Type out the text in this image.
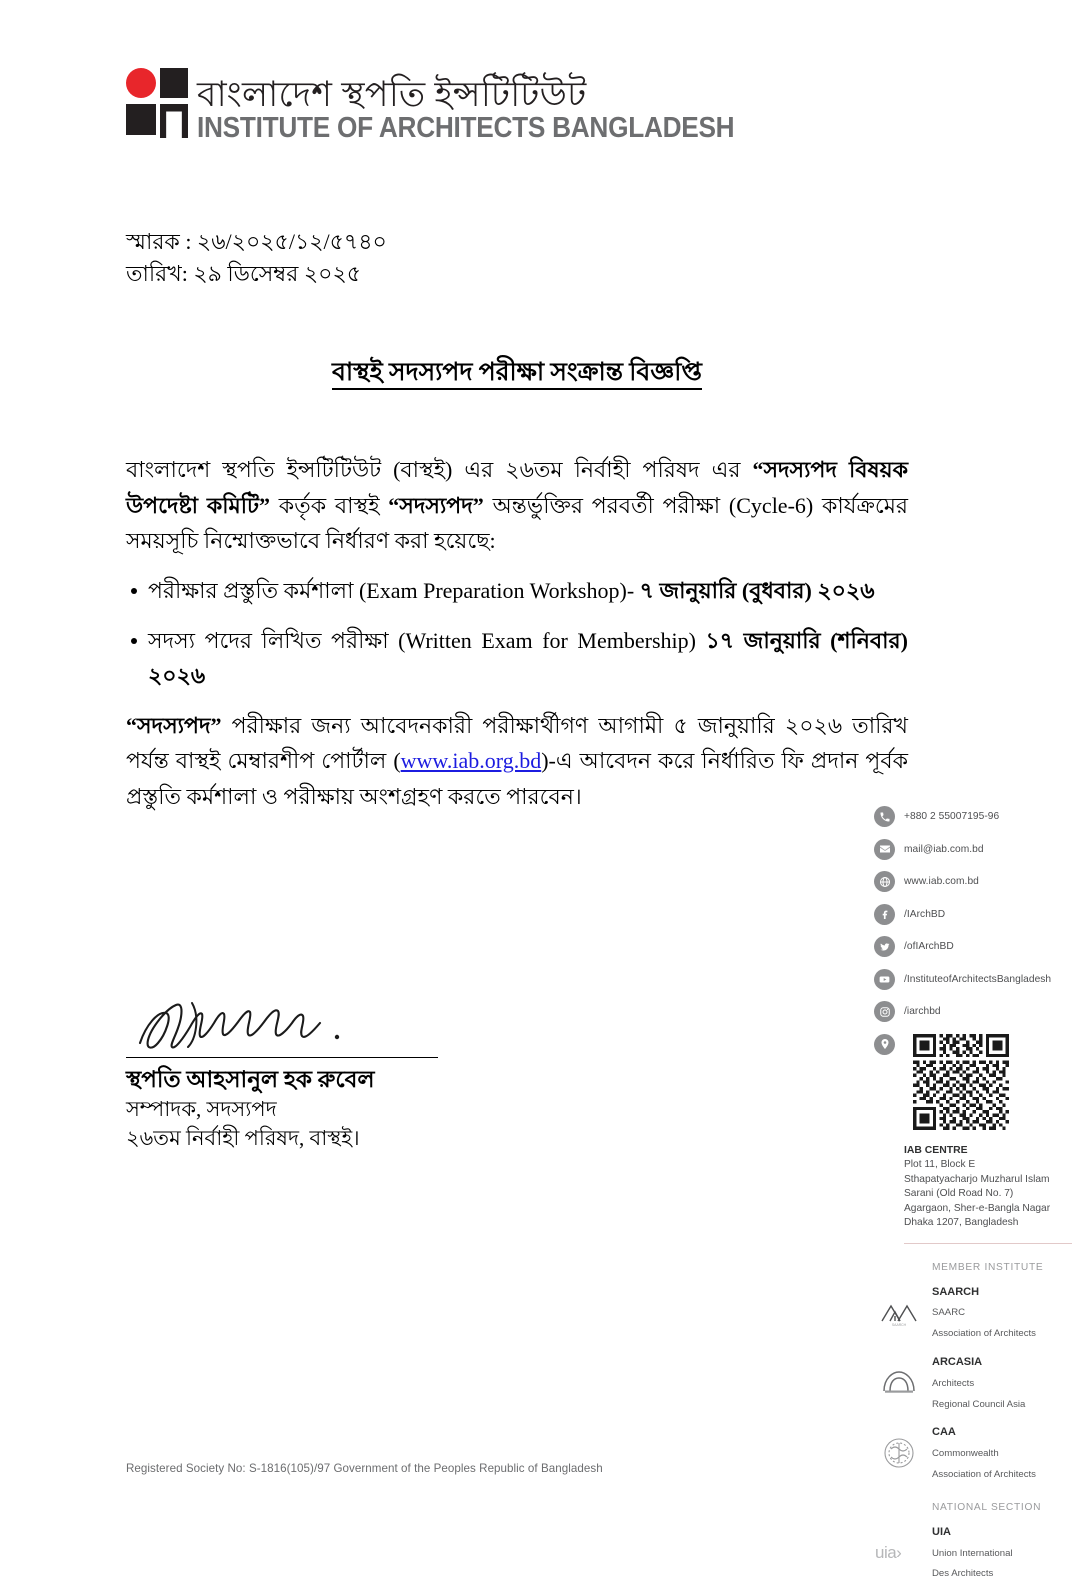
বাংলাদেশ স্থপতি ইন্সটিটিউট
INSTITUTE OF ARCHITECTS BANGLADESH
স্মারক : ২৬/২০২৫/১২/৫৭৪০
তারিখ: ২৯ ডিসেম্বর ২০২৫
বাস্থই সদস্যপদ পরীক্ষা সংক্রান্ত বিজ্ঞপ্তি

বাংলাদেশ স্থপতি ইন্সটিটিউট (বাস্থই) এর ২৬তম নির্বাহী পরিষদ এর “সদস্যপদ বিষয়ক উপদেষ্টা কমিটি” কর্তৃক বাস্থই “সদস্যপদ” অন্তর্ভুক্তির পরবর্তী পরীক্ষা (Cycle-6) কার্যক্রমের সময়সূচি নিম্মোক্তভাবে নির্ধারণ করা হয়েছে:

পরীক্ষার প্রস্তুতি কর্মশালা (Exam Preparation Workshop)- ৭ জানুয়ারি (বুধবার) ২০২৬
সদস্য পদের লিখিত পরীক্ষা (Written Exam for Membership) ১৭ জানুয়ারি (শনিবার) ২০২৬

“সদস্যপদ” পরীক্ষার জন্য আবেদনকারী পরীক্ষার্থীগণ আগামী ৫ জানুয়ারি ২০২৬ তারিখ পর্যন্ত বাস্থই মেম্বারশীপ পোর্টাল (www.iab.org.bd)-এ আবেদন করে নির্ধারিত ফি প্রদান পূর্বক প্রস্তুতি কর্মশালা ও পরীক্ষায় অংশগ্রহণ করতে পারবেন।

স্থপতি আহসানুল হক রুবেল
সম্পাদক, সদস্যপদ
২৬তম নির্বাহী পরিষদ, বাস্থই।
+880 2 55007195-96
mail@iab.com.bd
www.iab.com.bd
/IArchBD
/ofIArchBD
/InstituteofArchitectsBangladesh
/iarchbd
IAB CENTRE
Plot 11, Block E
Sthapatyacharjo Muzharul Islam
Sarani (Old Road No. 7)
Agargaon, Sher-e-Bangla Nagar
Dhaka 1207, Bangladesh
MEMBER INSTITUTE
SAARCH
SAARCH
SAARC
Association of Architects
ARCASIA
Architects
Regional Council Asia
CAA
Commonwealth
Association of Architects
NATIONAL SECTION
uia›
UIA
Union International
Des Architects
Registered Society No: S-1816(105)/97 Government of the Peoples Republic of Bangladesh
